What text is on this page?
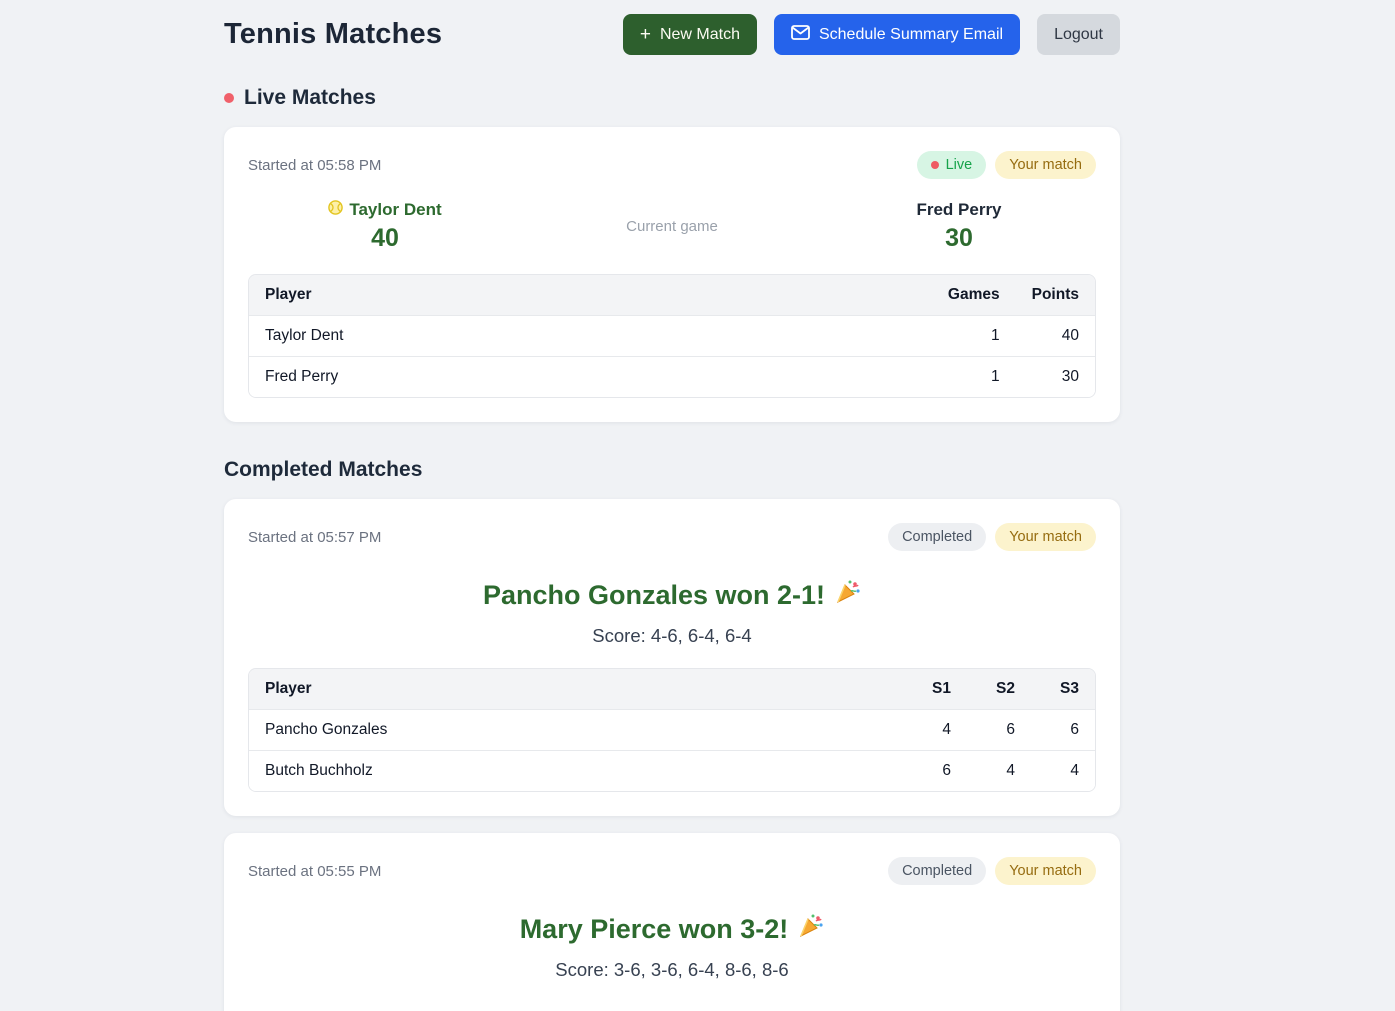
Tennis Matches	+ New Match	Schedule Summary Email	Logout
Live Matches
Started at 05:58 PM	Live	Your match
Taylor Dent
40	Current game
Fred Perry
30
Player	Games	Points
Taylor Dent	1	40
Fred Perry	1	30
Completed Matches
Started at 05:57 PM	Completed	Your match
Pancho Gonzales won 2-1!
Score: 4-6, 6-4, 6-4
Player	S1	S2	S3
Pancho Gonzales	4	6	6
Butch Buchholz	6	4	4
Started at 05:55 PM	Completed	Your match
Mary Pierce won 3-2!
Score: 3-6, 3-6, 6-4, 8-6, 8-6
